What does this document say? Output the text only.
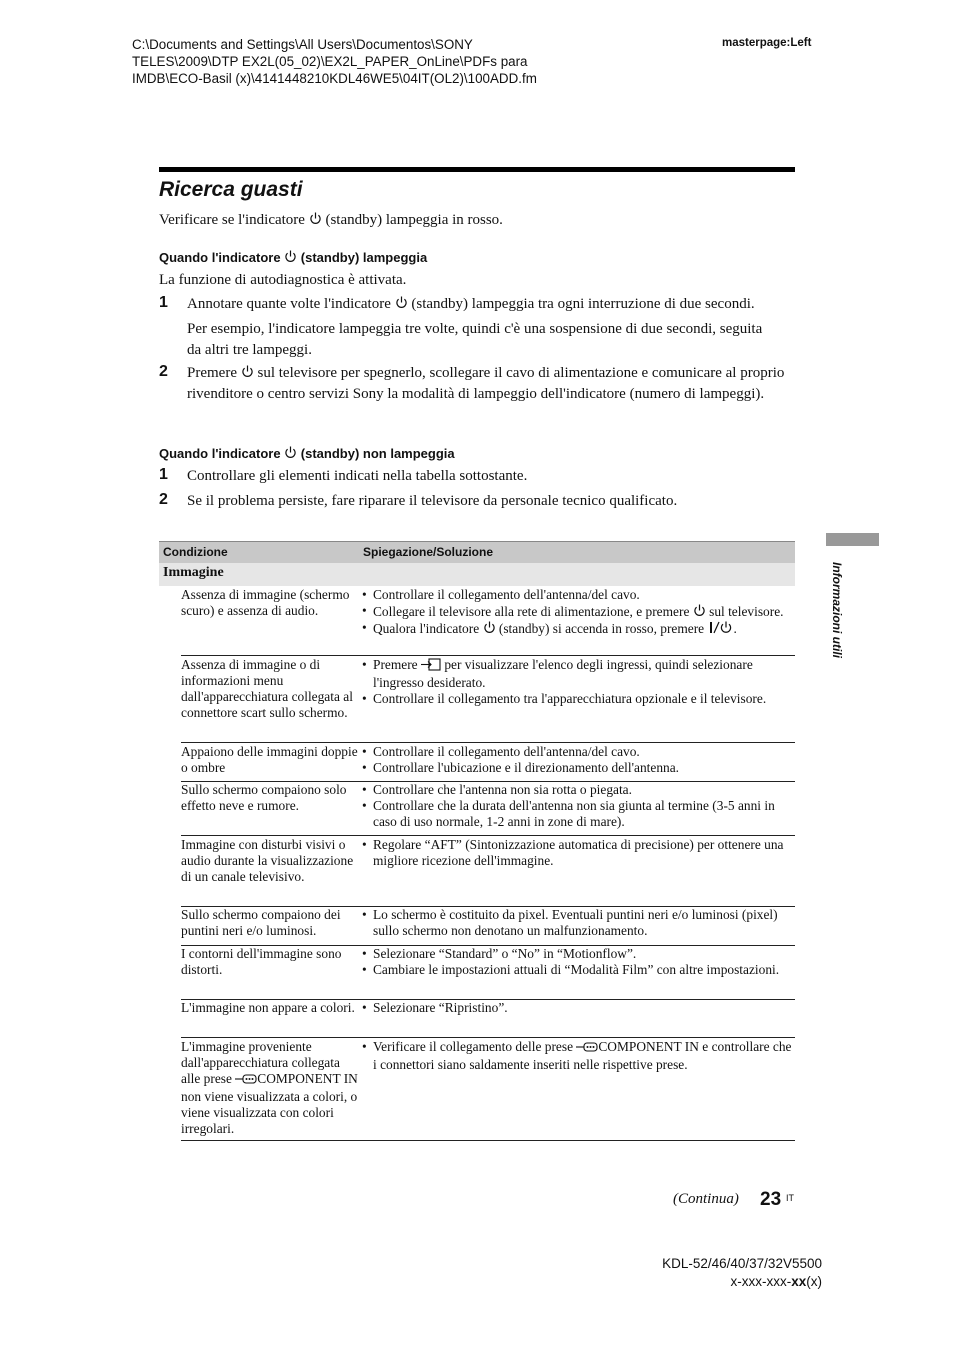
C:\Documents and Settings\All Users\Documentos\SONY
TELES\2009\DTP EX2L(05_02)\EX2L_PAPER_OnLine\PDFs para
IMDB\ECO-Basil (x)\4141448210KDL46WE5\04IT(OL2)\100ADD.fm
masterpage:Left
Ricerca guasti
Verificare se l'indicatore (standby) lampeggia in rosso.
Quando l'indicatore (standby) lampeggia
La funzione di autodiagnostica è attivata.
1 Annotare quante volte l'indicatore (standby) lampeggia tra ogni interruzione di due secondi.
Per esempio, l'indicatore lampeggia tre volte, quindi c'è una sospensione di due secondi, seguita da altri tre lampeggi.
2 Premere sul televisore per spegnerlo, scollegare il cavo di alimentazione e comunicare al proprio rivenditore o centro servizi Sony la modalità di lampeggio dell'indicatore (numero di lampeggi).
Quando l'indicatore (standby) non lampeggia
1 Controllare gli elementi indicati nella tabella sottostante.
2 Se il problema persiste, fare riparare il televisore da personale tecnico qualificato.
Informazioni utili
Condizione	Spiegazione/Soluzione
Immagine
Assenza di immagine (schermo scuro) e assenza di audio.
• Controllare il collegamento dell'antenna/del cavo.
• Collegare il televisore alla rete di alimentazione, e premere sul televisore.
• Qualora l'indicatore (standby) si accenda in rosso, premere .
Assenza di immagine o di informazioni menu dall'apparecchiatura collegata al connettore scart sullo schermo.
• Premere per visualizzare l'elenco degli ingressi, quindi selezionare l'ingresso desiderato.
• Controllare il collegamento tra l'apparecchiatura opzionale e il televisore.
Appaiono delle immagini doppie o ombre
• Controllare il collegamento dell'antenna/del cavo.
• Controllare l'ubicazione e il direzionamento dell'antenna.
Sullo schermo compaiono solo effetto neve e rumore.
• Controllare che l'antenna non sia rotta o piegata.
• Controllare che la durata dell'antenna non sia giunta al termine (3-5 anni in caso di uso normale, 1-2 anni in zone di mare).
Immagine con disturbi visivi o audio durante la visualizzazione di un canale televisivo.
• Regolare “AFT” (Sintonizzazione automatica di precisione) per ottenere una migliore ricezione dell'immagine.
Sullo schermo compaiono dei puntini neri e/o luminosi.
• Lo schermo è costituito da pixel. Eventuali puntini neri e/o luminosi (pixel) sullo schermo non denotano un malfunzionamento.
I contorni dell'immagine sono distorti.
• Selezionare “Standard” o “No” in “Motionflow”.
• Cambiare le impostazioni attuali di “Modalità Film” con altre impostazioni.
L'immagine non appare a colori.
•	Selezionare “Ripristino”.
L'immagine proveniente dall'apparecchiatura collegata alle prese COMPONENT IN non viene visualizzata a colori, o viene visualizzata con colori irregolari.
• Verificare il collegamento delle prese COMPONENT IN e controllare che i connettori siano saldamente inseriti nelle rispettive prese.
(Continua) 23 IT
KDL-52/46/40/37/32V5500
x-xxx-xxx-xx(x)
